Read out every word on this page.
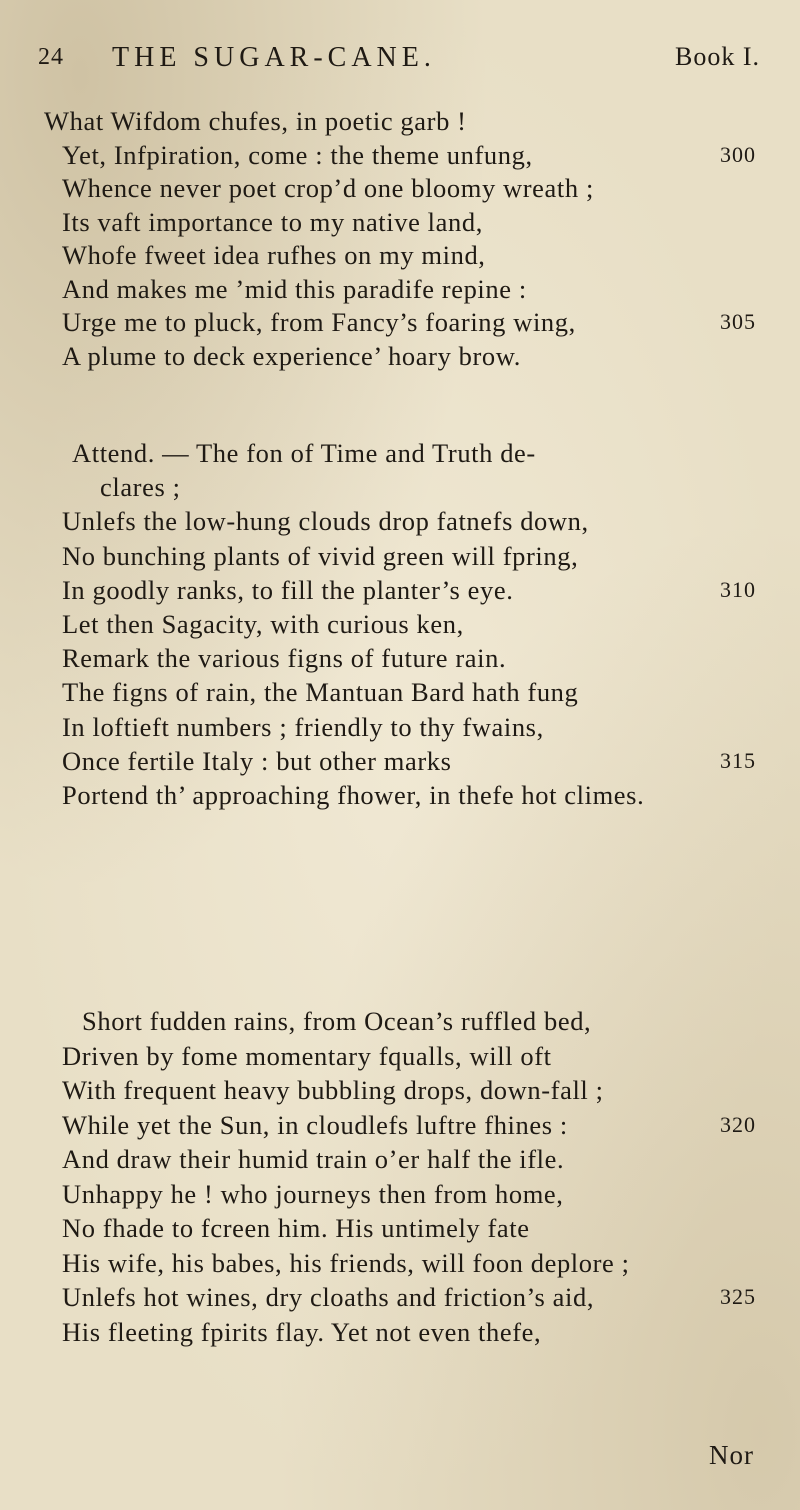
24 THE SUGAR-CANE.	Book I.
What Wifdom chufes, in poetic garb !
Yet, Infpiration, come : the theme unfung,	300
Whence never poet crop’d one bloomy wreath ;
Its vaft importance to my native land,
Whofe fweet idea rufhes on my mind,
And makes me ’mid this paradife repine :
Urge me to pluck, from Fancy’s foaring wing,	305
A plume to deck experience’ hoary brow.
Attend. — The fon of Time and Truth de-
clares ;
Unlefs the low-hung clouds drop fatnefs down,
No bunching plants of vivid green will fpring,
In goodly ranks, to fill the planter’s eye.	310
Let then Sagacity, with curious ken,
Remark the various figns of future rain.
The figns of rain, the Mantuan Bard hath fung
In loftieft numbers ; friendly to thy fwains,
Once fertile Italy : but other marks	315
Portend th’ approaching fhower, in thefe hot climes.
Short fudden rains, from Ocean’s ruffled bed,
Driven by fome momentary fqualls, will oft
With frequent heavy bubbling drops, down-fall ;
While yet the Sun, in cloudlefs luftre fhines :	320
And draw their humid train o’er half the ifle.
Unhappy he ! who journeys then from home,
No fhade to fcreen him. His untimely fate
His wife, his babes, his friends, will foon deplore ;
Unlefs hot wines, dry cloaths and friction’s aid,	325
His fleeting fpirits flay. Yet not even thefe,
Nor
